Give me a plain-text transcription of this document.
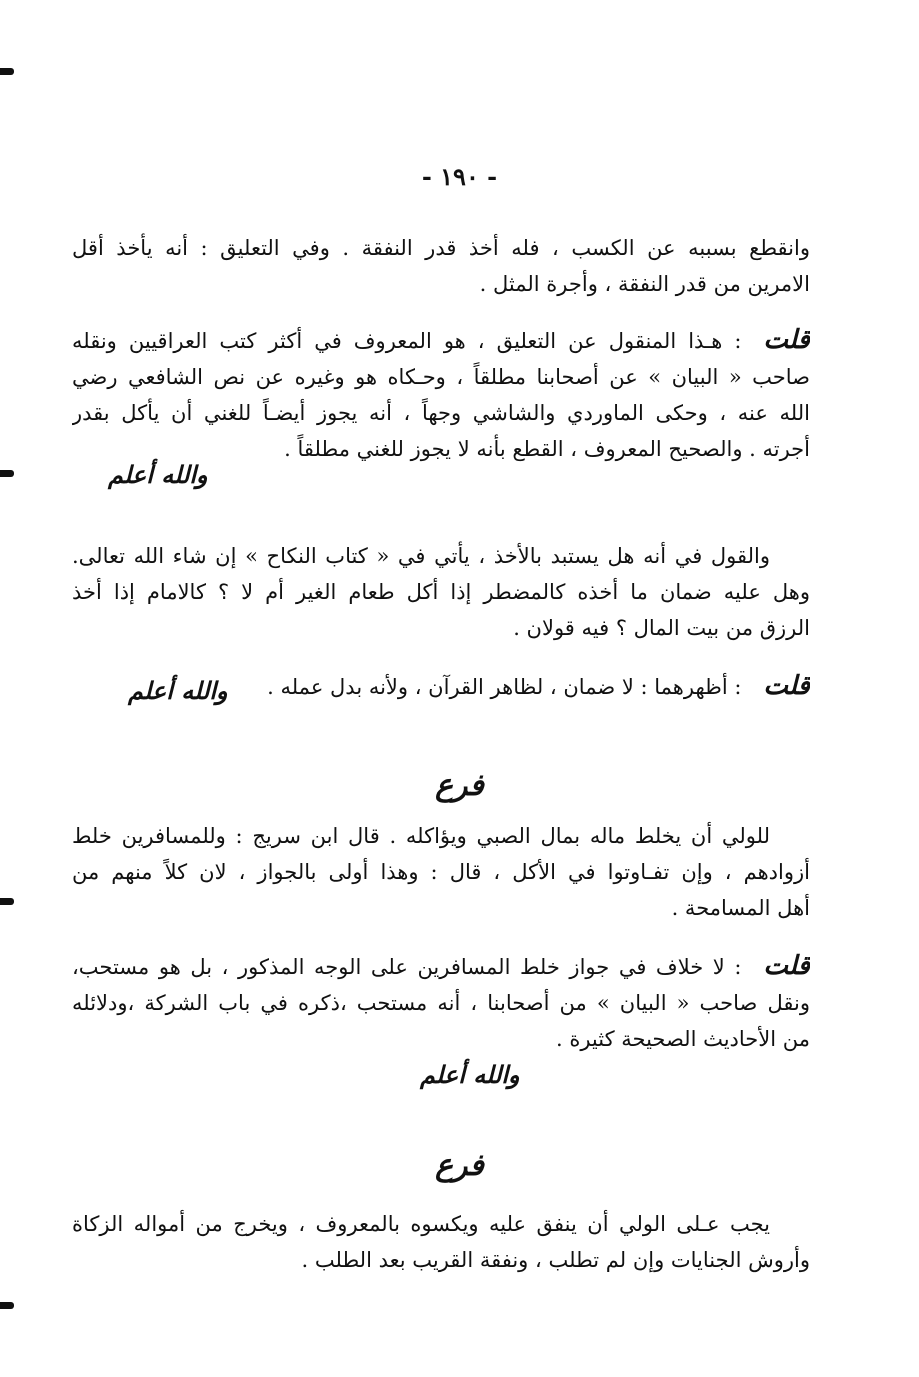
- ١٩٠ -
وانقطع بسببه عن الكسب ، فله أخذ قدر النفقة . وفي التعليق : أنه يأخذ أقل
الامرين من قدر النفقة ، وأجرة المثل .
قلت: هـذا المنقول عن التعليق ، هو المعروف في أكثر كتب العراقيين ونقله
صاحب « البيان » عن أصحابنا مطلقاً ، وحـكاه هو وغيره عن نص الشافعي رضي
الله عنه ، وحكى الماوردي والشاشي وجهاً ، أنه يجوز أيضـاً للغني أن يأكل بقدر
أجرته . والصحيح المعروف ، القطع بأنه لا يجوز للغني مطلقاً .
والله أعلم
والقول في أنه هل يستبد بالأخذ ، يأتي في « كتاب النكاح » إن شاء الله تعالى.
وهل عليه ضمان ما أخذه كالمضطر إذا أكل طعام الغير أم لا ؟ كالامام إذا أخذ
الرزق من بيت المال ؟ فيه قولان .
قلت: أظهرهما : لا ضمان ، لظاهر القرآن ، ولأنه بدل عمله .
والله أعلم
فرع
للولي أن يخلط ماله بمال الصبي ويؤاكله . قال ابن سريج : وللمسافرين خلط
أزوادهم ، وإن تفـاوتوا في الأكل ، قال : وهذا أولى بالجواز ، لان كلاً منهم من
أهل المسامحة .
قلت: لا خلاف في جواز خلط المسافرين على الوجه المذكور ، بل هو مستحب،
ونقل صاحب « البيان » من أصحابنا ، أنه مستحب ،ذكره في باب الشركة ،ودلائله
من الأحاديث الصحيحة كثيرة .
والله أعلم
فرع
يجب عـلى الولي أن ينفق عليه ويكسوه بالمعروف ، ويخرج من أمواله الزكاة
وأروش الجنايات وإن لم تطلب ، ونفقة القريب بعد الطلب .
